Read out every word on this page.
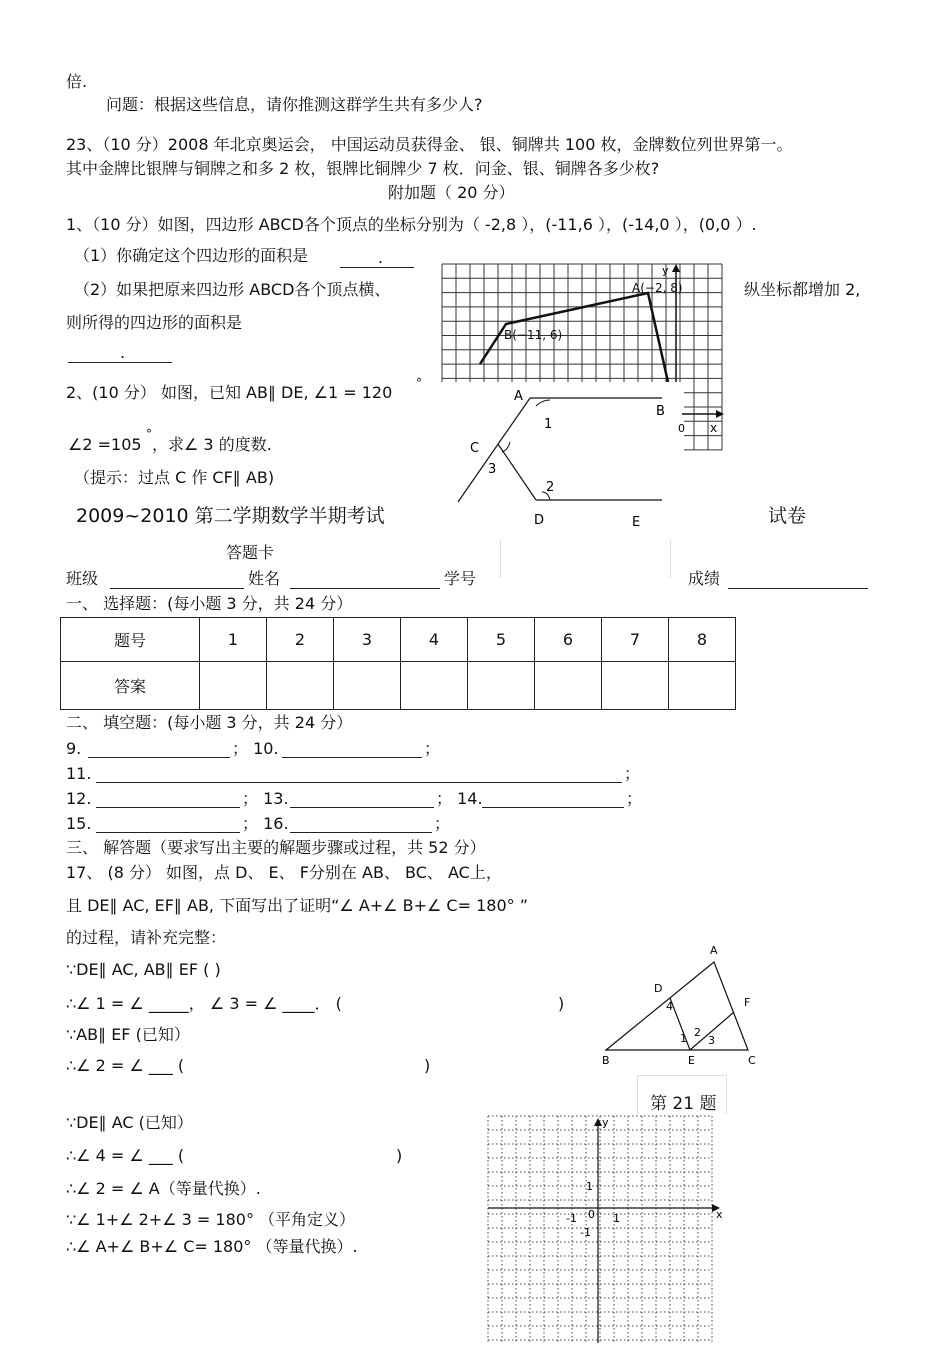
倍.
问题：根据这些信息，请你推测这群学生共有多少人?
23、（10 分）2008 年北京奥运会， 中国运动员获得金、 银、铜牌共 100 枚，金牌数位列世界第一。
其中金牌比银牌与铜牌之和多 2 枚，银牌比铜牌少 7 枚．问金、银、铜牌各多少枚?
附加题（ 20 分）
1、（10 分）如图，四边形 ABCD各个顶点的坐标分别为（ -2,8 ），(-11,6 ），(-14,0 ），(0,0 ）.
（1）你确定这个四边形的面积是	.
（2）如果把原来四边形 ABCD各个顶点横、	纵坐标都增加 2,
则所得的四边形的面积是
.
2、(10 分） 如图，已知 AB∥ DE, ∠1 = 120 °
∠2 =105
°
，求∠ 3 的度数.
（提示：过点 C 作 CF∥ AB)
y
A(−2, 8)
B(−11, 6)
x
0
A
B
C
D	E
1
3
2
2009~2010 第二学期数学半期考试	试卷
答题卡
班级	姓名	学号	成绩
一、 选择题：(每小题 3 分，共 24 分）
题号	1	2	3	4	5	6	7	8
答案								
二、 填空题：(每小题 3 分，共 24 分）
9.	； 10.	；
11.	；
12.	； 13.	； 14.	；
15.	； 16.	；
三、 解答题（要求写出主要的解题步骤或过程，共 52 分）
17、 (8 分） 如图，点 D、 E、 F分别在 AB、 BC、 AC上，
且 DE∥ AC, EF∥ AB, 下面写出了证明“∠ A+∠ B+∠ C= 180° ”
的过程，请补充完整：
∵DE∥ AC, AB∥ EF ( )
∴∠ 1 = ∠ _____， ∠ 3 = ∠ ____． (	)
∵AB∥ EF (已知）
∴∠ 2 = ∠ ___ (	)
∵DE∥ AC (已知）
∴∠ 4 = ∠ ___ (	)
∴∠ 2 = ∠ A（等量代换）.
∵∠ 1+∠ 2+∠ 3 = 180° （平角定义）
∴∠ A+∠ B+∠ C= 180° （等量代换）.
A
B	C
D
E
F
4
1 2
3
第 21 题
y
x
1
-1 0 1
-1
